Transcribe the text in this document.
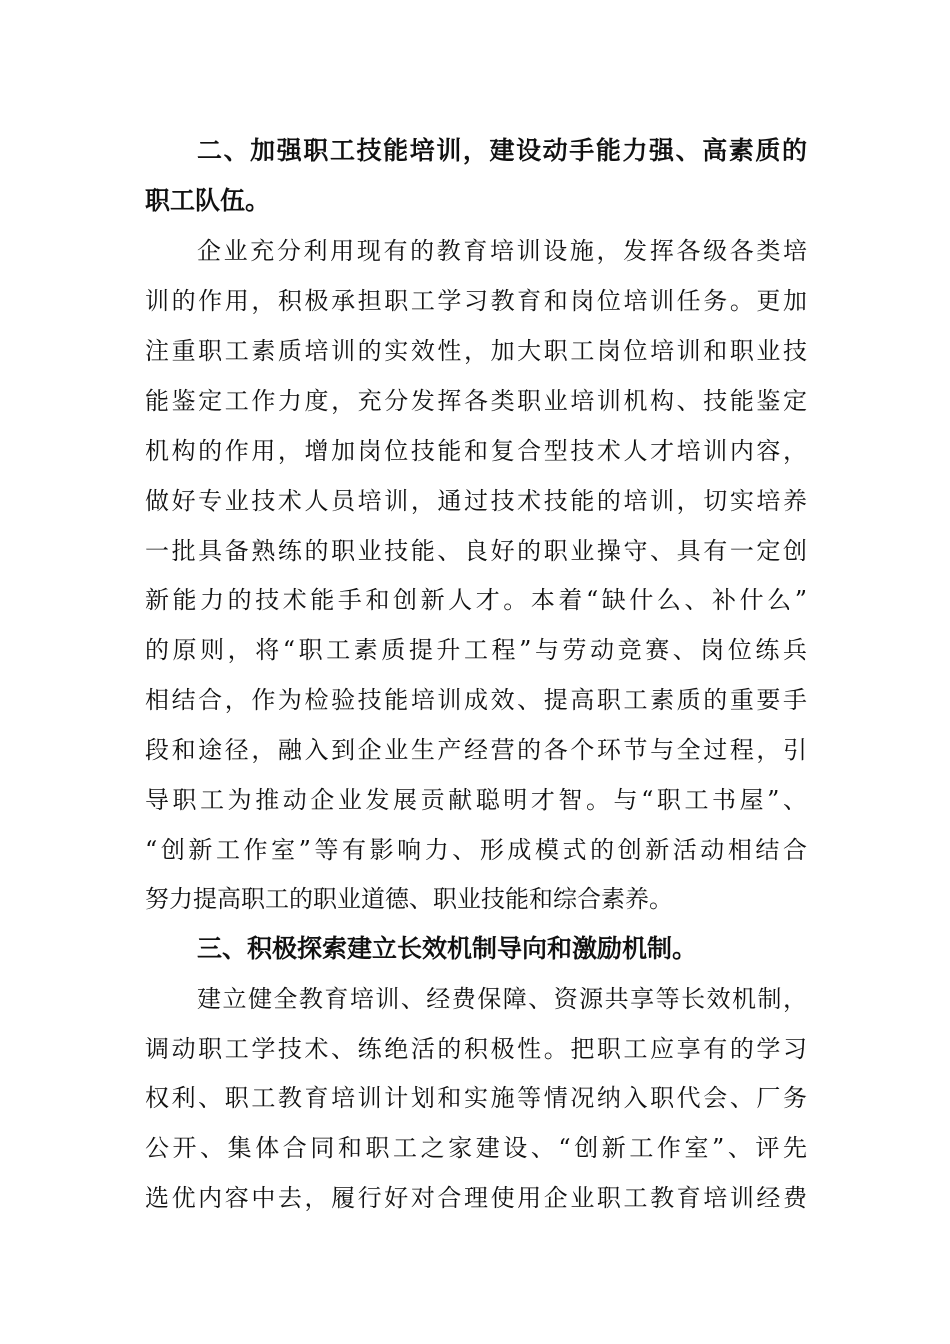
二、加强职工技能培训，建设动手能力强、高素质的
职工队伍。
企业充分利用现有的教育培训设施，发挥各级各类培
训的作用，积极承担职工学习教育和岗位培训任务。更加
注重职工素质培训的实效性，加大职工岗位培训和职业技
能鉴定工作力度，充分发挥各类职业培训机构、技能鉴定
机构的作用，增加岗位技能和复合型技术人才培训内容，
做好专业技术人员培训，通过技术技能的培训，切实培养
一批具备熟练的职业技能、良好的职业操守、具有一定创
新能力的技术能手和创新人才。本着“缺什么、补什么”
的原则，将“职工素质提升工程”与劳动竞赛、岗位练兵
相结合，作为检验技能培训成效、提高职工素质的重要手
段和途径，融入到企业生产经营的各个环节与全过程，引
导职工为推动企业发展贡献聪明才智。与“职工书屋”、
“创新工作室”等有影响力、形成模式的创新活动相结合
努力提高职工的职业道德、职业技能和综合素养。
三、积极探索建立长效机制导向和激励机制。
建立健全教育培训、经费保障、资源共享等长效机制，
调动职工学技术、练绝活的积极性。把职工应享有的学习
权利、职工教育培训计划和实施等情况纳入职代会、厂务
公开、集体合同和职工之家建设、“创新工作室”、评先
选优内容中去，履行好对合理使用企业职工教育培训经费
